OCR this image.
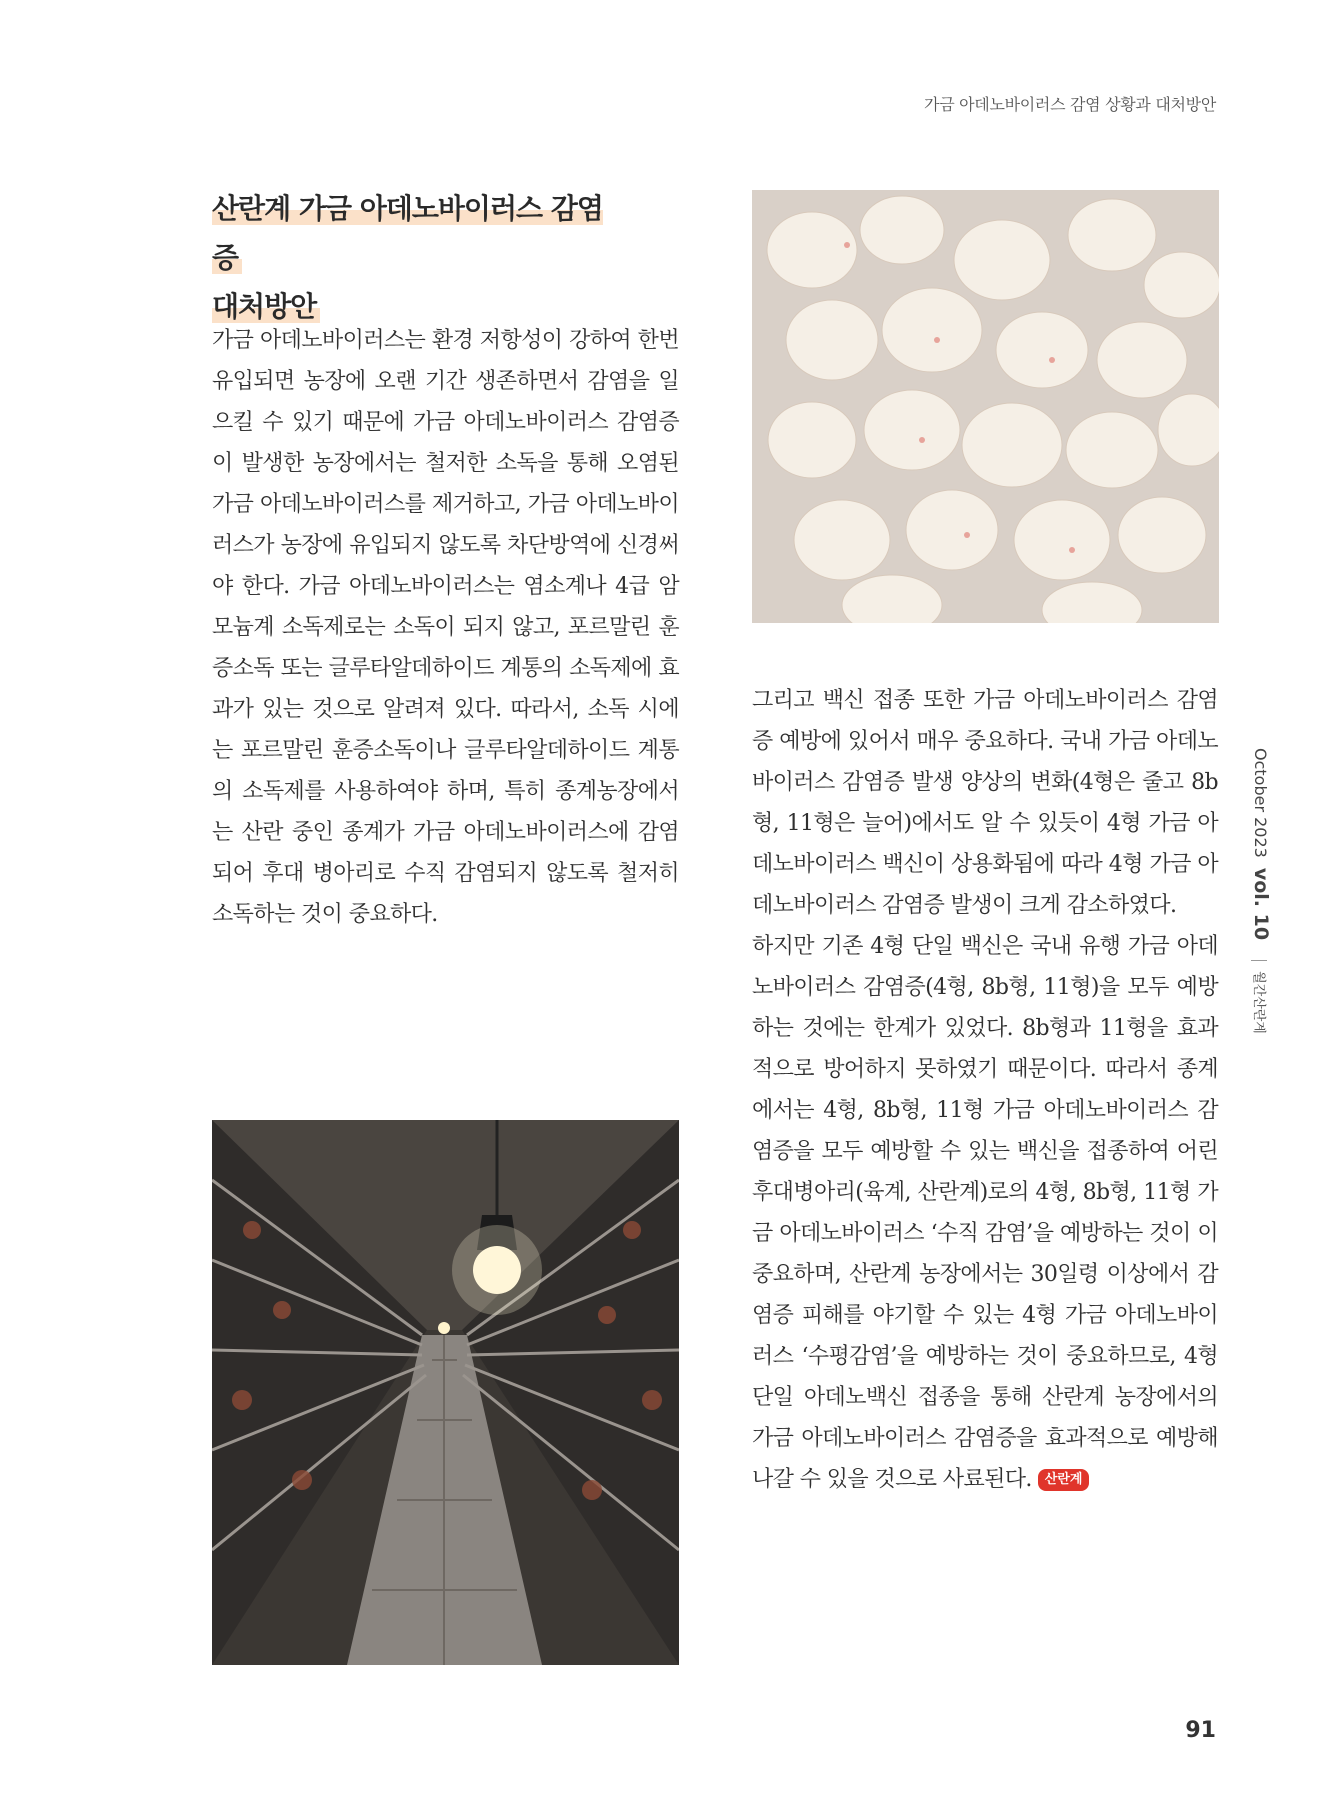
가금 아데노바이러스 감염 상황과 대처방안
산란계 가금 아데노바이러스 감염증
대처방안

가금 아데노바이러스는 환경 저항성이 강하여 한번 유입되면 농장에 오랜 기간 생존하면서 감염을 일으킬 수 있기 때문에 가금 아데노바이러스 감염증이 발생한 농장에서는 철저한 소독을 통해 오염된 가금 아데노바이러스를 제거하고, 가금 아데노바이러스가 농장에 유입되지 않도록 차단방역에 신경써야 한다. 가금 아데노바이러스는 염소계나 4급 암모늄계 소독제로는 소독이 되지 않고, 포르말린 훈증소독 또는 글루타알데하이드 계통의 소독제에 효과가 있는 것으로 알려져 있다. 따라서, 소독 시에는 포르말린 훈증소독이나 글루타알데하이드 계통의 소독제를 사용하여야 하며, 특히 종계농장에서는 산란 중인 종계가 가금 아데노바이러스에 감염되어 후대 병아리로 수직 감염되지 않도록 철저히 소독하는 것이 중요하다.

그리고 백신 접종 또한 가금 아데노바이러스 감염증 예방에 있어서 매우 중요하다. 국내 가금 아데노바이러스 감염증 발생 양상의 변화(4형은 줄고 8b형, 11형은 늘어)에서도 알 수 있듯이 4형 가금 아데노바이러스 백신이 상용화됨에 따라 4형 가금 아데노바이러스 감염증 발생이 크게 감소하였다.

하지만 기존 4형 단일 백신은 국내 유행 가금 아데노바이러스 감염증(4형, 8b형, 11형)을 모두 예방하는 것에는 한계가 있었다. 8b형과 11형을 효과적으로 방어하지 못하였기 때문이다. 따라서 종계에서는 4형, 8b형, 11형 가금 아데노바이러스 감염증을 모두 예방할 수 있는 백신을 접종하여 어린 후대병아리(육계, 산란계)로의 4형, 8b형, 11형 가금 아데노바이러스 ‘수직 감염’을 예방하는 것이 이 중요하며, 산란계 농장에서는 30일령 이상에서 감염증 피해를 야기할 수 있는 4형 가금 아데노바이러스 ‘수평감염’을 예방하는 것이 중요하므로, 4형 단일 아데노백신 접종을 통해 산란계 농장에서의 가금 아데노바이러스 감염증을 효과적으로 예방해 나갈 수 있을 것으로 사료된다. 산란계

October 2023vol. 10월간산란계
91
